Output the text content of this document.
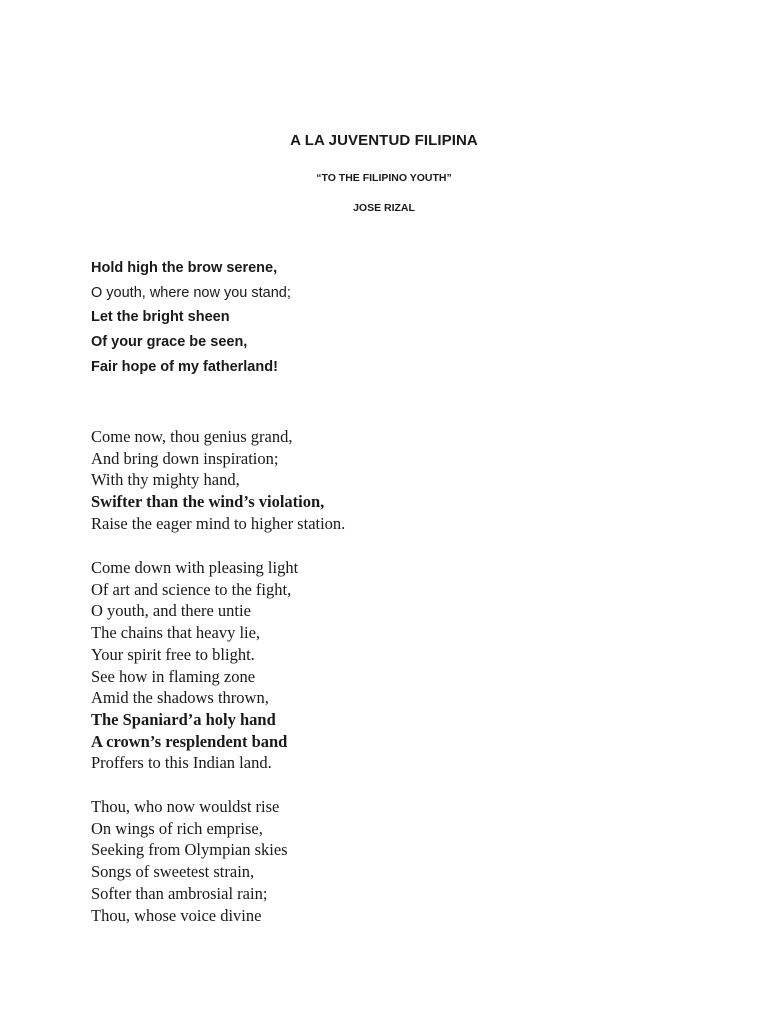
A LA JUVENTUD FILIPINA
“TO THE FILIPINO YOUTH”
JOSE RIZAL
Hold high the brow serene,
O youth, where now you stand;
Let the bright sheen
Of your grace be seen,
Fair hope of my fatherland!
Come now, thou genius grand,
And bring down inspiration;
With thy mighty hand,
Swifter than the wind’s violation,
Raise the eager mind to higher station.
Come down with pleasing light
Of art and science to the fight,
O youth, and there untie
The chains that heavy lie,
Your spirit free to blight.
See how in flaming zone
Amid the shadows thrown,
The Spaniard’a holy hand
A crown’s resplendent band
Proffers to this Indian land.
Thou, who now wouldst rise
On wings of rich emprise,
Seeking from Olympian skies
Songs of sweetest strain,
Softer than ambrosial rain;
Thou, whose voice divine
